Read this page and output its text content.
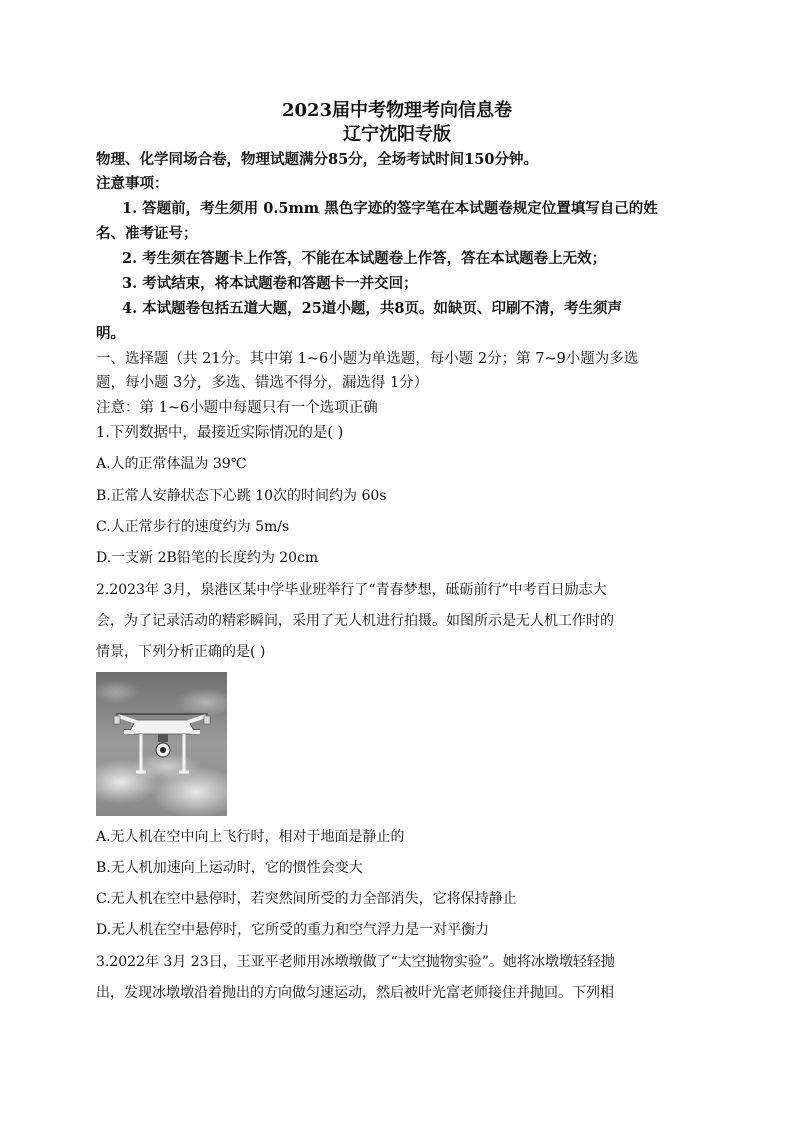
2023届中考物理考向信息卷
辽宁沈阳专版
物理、化学同场合卷，物理试题满分85分，全场考试时间150分钟。
注意事项：
1. 答题前，考生须用 0.5mm 黑色字迹的签字笔在本试题卷规定位置填写自己的姓
名、准考证号；
2. 考生须在答题卡上作答，不能在本试题卷上作答，答在本试题卷上无效；
3. 考试结束，将本试题卷和答题卡一并交回；
4. 本试题卷包括五道大题，25道小题，共8页。如缺页、印刷不清，考生须声
明。
一、选择题（共 21分。其中第 1~6小题为单选题，每小题 2分；第 7~9小题为多选
题，每小题 3分，多选、错选不得分，漏选得 1分）
注意：第 1~6小题中每题只有一个选项正确
1.下列数据中，最接近实际情况的是( )
A.人的正常体温为 39℃
B.正常人安静状态下心跳 10次的时间约为 60s
C.人正常步行的速度约为 5m/s
D.一支新 2B铅笔的长度约为 20cm
2.2023年 3月，泉港区某中学毕业班举行了“青春梦想，砥砺前行”中考百日励志大
会，为了记录活动的精彩瞬间，采用了无人机进行拍摄。如图所示是无人机工作时的
情景，下列分析正确的是( )
A.无人机在空中向上飞行时，相对于地面是静止的
B.无人机加速向上运动时，它的惯性会变大
C.无人机在空中悬停时，若突然间所受的力全部消失，它将保持静止
D.无人机在空中悬停时，它所受的重力和空气浮力是一对平衡力
3.2022年 3月 23日，王亚平老师用冰墩墩做了“太空抛物实验”。她将冰墩墩轻轻抛
出，发现冰墩墩沿着抛出的方向做匀速运动，然后被叶光富老师接住并抛回。下列相
